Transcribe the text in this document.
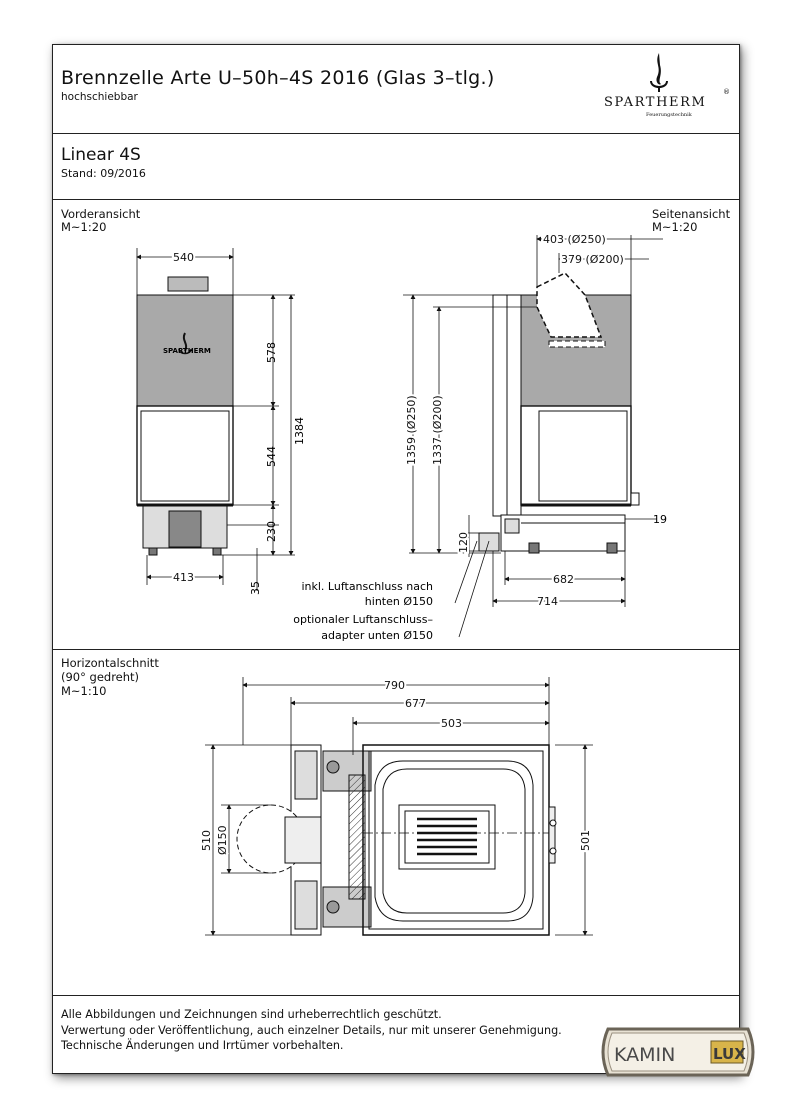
Brennzelle Arte U–50h–4S 2016 (Glas 3–tlg.)
hochschiebbar	SPARTHERM
Feuerungstechnik
®
Linear 4S
Stand: 09/2016
Vorderansicht
M~1:20
Seitenansicht
M~1:20
Horizontalschnitt
(90° gedreht)
M~1:10
Alle Abbildungen und Zeichnungen sind urheberrechtlich geschützt.
Verwertung oder Veröffentlichung, auch einzelner Details, nur mit unserer Genehmigung.
Technische Änderungen und Irrtümer vorbehalten.
SPARTHERM
540
578
544
230
1384
413
35
403 (Ø250)
379 (Ø200)
1359 (Ø250) 1337 (Ø200)
19
120
682
714
inkl. Luftanschluss nach
hinten Ø150
optionaler Luftanschluss–
adapter unten Ø150
790
677
503
510 Ø150	501
KAMIN	LUX
